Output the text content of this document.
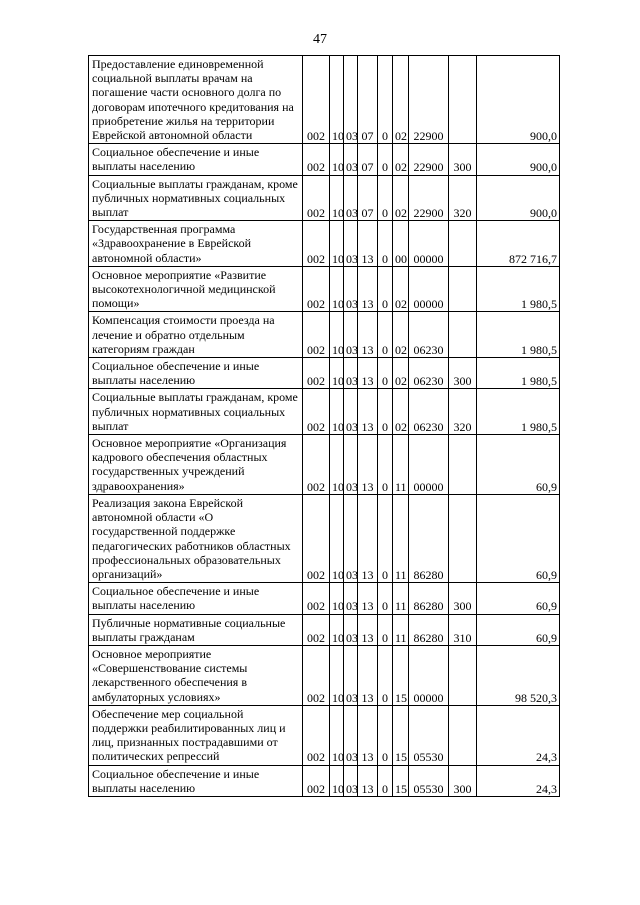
47
Предоставление единовременной социальной выплаты врачам на погашение части основного долга по договорам ипотечного кредитования на приобретение жилья на территории Еврейской автономной области	002	10	03	07	0	02	22900		900,0
Социальное обеспечение и иные выплаты населению	002	10	03	07	0	02	22900	300	900,0
Социальные выплаты гражданам, кроме публичных нормативных социальных выплат	002	10	03	07	0	02	22900	320	900,0
Государственная программа «Здравоохранение в Еврейской автономной области»	002	10	03	13	0	00	00000		872 716,7
Основное мероприятие «Развитие высокотехнологичной медицинской помощи»	002	10	03	13	0	02	00000		1 980,5
Компенсация стоимости проезда на лечение и обратно отдельным категориям граждан	002	10	03	13	0	02	06230		1 980,5
Социальное обеспечение и иные выплаты населению	002	10	03	13	0	02	06230	300	1 980,5
Социальные выплаты гражданам, кроме публичных нормативных социальных выплат	002	10	03	13	0	02	06230	320	1 980,5
Основное мероприятие «Организация кадрового обеспечения областных государственных учреждений здравоохранения»	002	10	03	13	0	11	00000		60,9
Реализация закона Еврейской автономной области «О государственной поддержке педагогических работников областных профессиональных образовательных организаций»	002	10	03	13	0	11	86280		60,9
Социальное обеспечение и иные выплаты населению	002	10	03	13	0	11	86280	300	60,9
Публичные нормативные социальные выплаты гражданам	002	10	03	13	0	11	86280	310	60,9
Основное мероприятие «Совершенствование системы лекарственного обеспечения в амбулаторных условиях»	002	10	03	13	0	15	00000		98 520,3
Обеспечение мер социальной поддержки реабилитированных лиц и лиц, признанных пострадавшими от политических репрессий	002	10	03	13	0	15	05530		24,3
Социальное обеспечение и иные выплаты населению	002	10	03	13	0	15	05530	300	24,3
